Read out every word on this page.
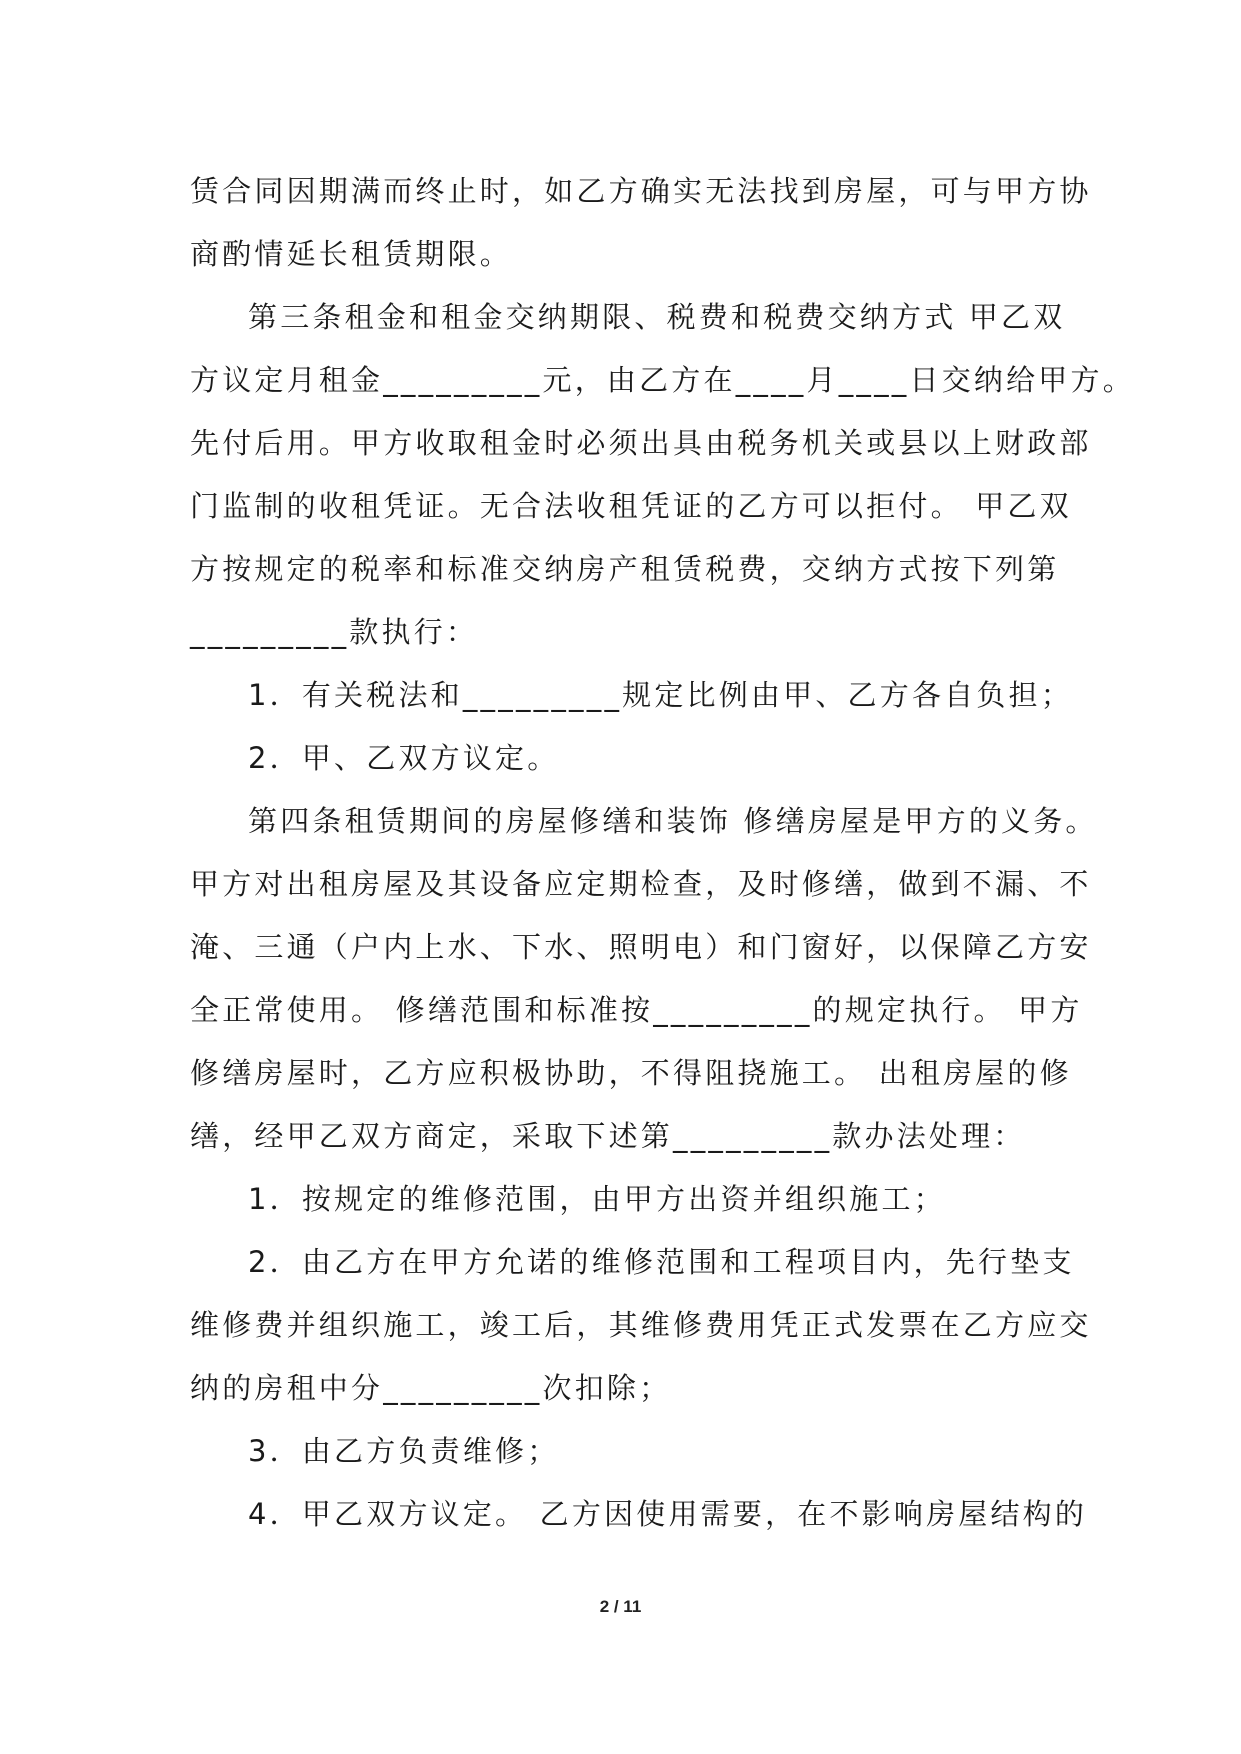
赁合同因期满而终止时，如乙方确实无法找到房屋，可与甲方协
商酌情延长租赁期限。
第三条租金和租金交纳期限、税费和税费交纳方式 甲乙双
方议定月租金_________元，由乙方在____月____日交纳给甲方。
先付后用。甲方收取租金时必须出具由税务机关或县以上财政部
门监制的收租凭证。无合法收租凭证的乙方可以拒付。 甲乙双
方按规定的税率和标准交纳房产租赁税费，交纳方式按下列第
_________款执行：
1．有关税法和_________规定比例由甲、乙方各自负担；
2．甲、乙双方议定。
第四条租赁期间的房屋修缮和装饰 修缮房屋是甲方的义务。
甲方对出租房屋及其设备应定期检查，及时修缮，做到不漏、不
淹、三通（户内上水、下水、照明电）和门窗好，以保障乙方安
全正常使用。 修缮范围和标准按_________的规定执行。 甲方
修缮房屋时，乙方应积极协助，不得阻挠施工。 出租房屋的修
缮，经甲乙双方商定，采取下述第_________款办法处理：
1．按规定的维修范围，由甲方出资并组织施工；
2．由乙方在甲方允诺的维修范围和工程项目内，先行垫支
维修费并组织施工，竣工后，其维修费用凭正式发票在乙方应交
纳的房租中分_________次扣除；
3．由乙方负责维修；
4．甲乙双方议定。 乙方因使用需要，在不影响房屋结构的
2 / 11
